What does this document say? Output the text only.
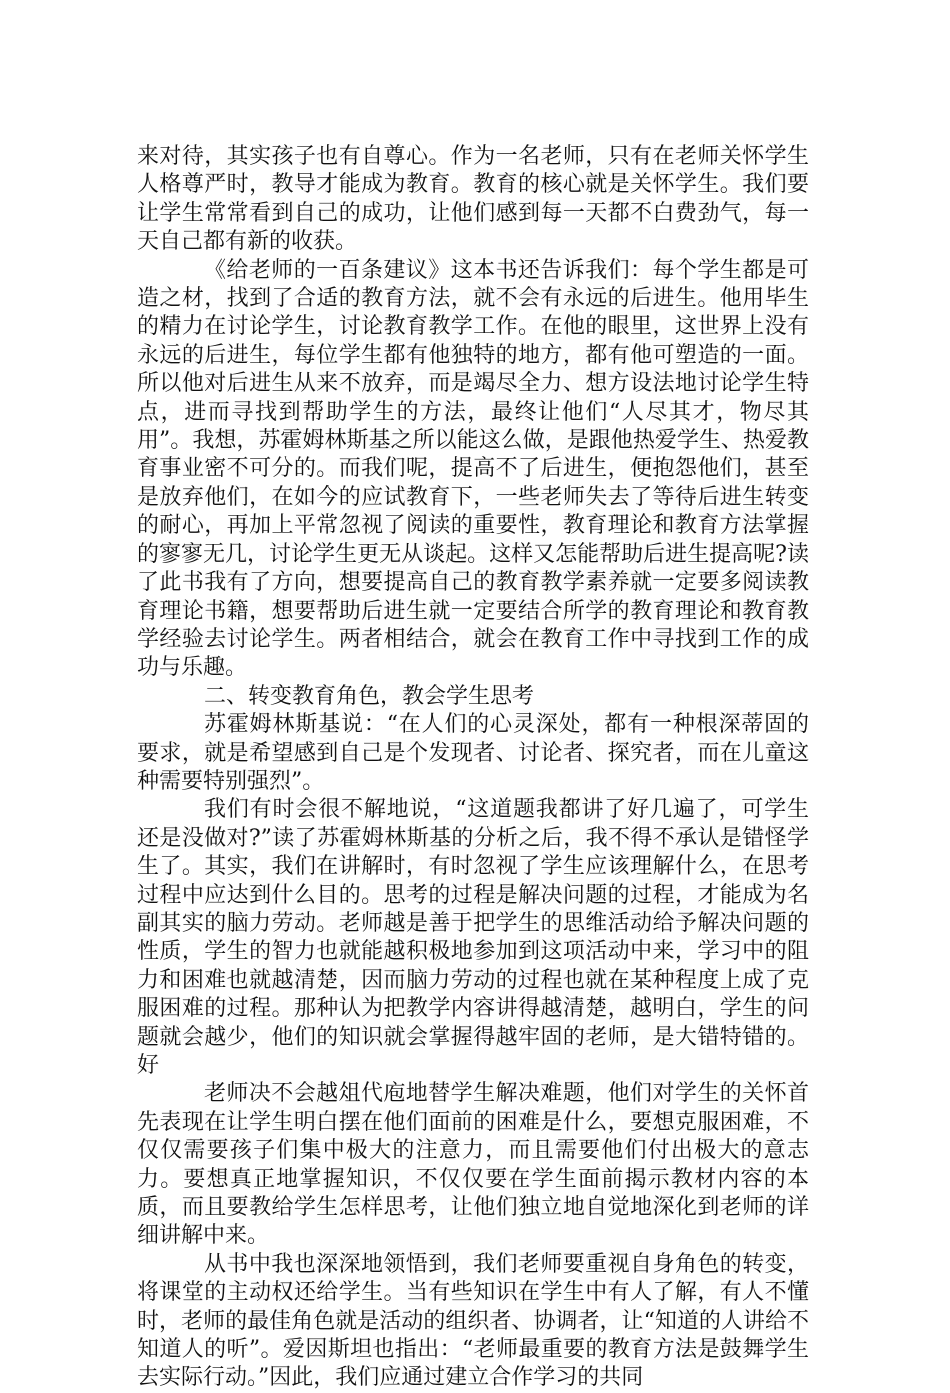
来对待，其实孩子也有自尊心。作为一名老师，只有在老师关怀学生人格尊严时，教导才能成为教育。教育的核心就是关怀学生。我们要让学生常常看到自己的成功，让他们感到每一天都不白费劲气，每一天自己都有新的收获。

《给老师的一百条建议》这本书还告诉我们：每个学生都是可造之材，找到了合适的教育方法，就不会有永远的后进生。他用毕生的精力在讨论学生，讨论教育教学工作。在他的眼里，这世界上没有永远的后进生，每位学生都有他独特的地方，都有他可塑造的一面。所以他对后进生从来不放弃，而是竭尽全力、想方设法地讨论学生特点，进而寻找到帮助学生的方法，最终让他们“人尽其才，物尽其用”。我想，苏霍姆林斯基之所以能这么做，是跟他热爱学生、热爱教育事业密不可分的。而我们呢，提高不了后进生，便抱怨他们，甚至是放弃他们，在如今的应试教育下，一些老师失去了等待后进生转变的耐心，再加上平常忽视了阅读的重要性，教育理论和教育方法掌握的寥寥无几，讨论学生更无从谈起。这样又怎能帮助后进生提高呢?读了此书我有了方向，想要提高自己的教育教学素养就一定要多阅读教育理论书籍，想要帮助后进生就一定要结合所学的教育理论和教育教学经验去讨论学生。两者相结合，就会在教育工作中寻找到工作的成功与乐趣。

二、转变教育角色，教会学生思考

苏霍姆林斯基说：“在人们的心灵深处，都有一种根深蒂固的要求，就是希望感到自己是个发现者、讨论者、探究者，而在儿童这种需要特别强烈”。

我们有时会很不解地说，“这道题我都讲了好几遍了，可学生还是没做对?”读了苏霍姆林斯基的分析之后，我不得不承认是错怪学生了。其实，我们在讲解时，有时忽视了学生应该理解什么，在思考过程中应达到什么目的。思考的过程是解决问题的过程，才能成为名副其实的脑力劳动。老师越是善于把学生的思维活动给予解决问题的性质，学生的智力也就能越积极地参加到这项活动中来，学习中的阻力和困难也就越清楚，因而脑力劳动的过程也就在某种程度上成了克服困难的过程。那种认为把教学内容讲得越清楚，越明白，学生的问题就会越少，他们的知识就会掌握得越牢固的老师，是大错特错的。好

老师决不会越俎代庖地替学生解决难题，他们对学生的关怀首先表现在让学生明白摆在他们面前的困难是什么，要想克服困难，不仅仅需要孩子们集中极大的注意力，而且需要他们付出极大的意志力。要想真正地掌握知识，不仅仅要在学生面前揭示教材内容的本质，而且要教给学生怎样思考，让他们独立地自觉地深化到老师的详细讲解中来。

从书中我也深深地领悟到，我们老师要重视自身角色的转变，将课堂的主动权还给学生。当有些知识在学生中有人了解，有人不懂时，老师的最佳角色就是活动的组织者、协调者，让“知道的人讲给不知道人的听”。爱因斯坦也指出：“老师最重要的教育方法是鼓舞学生去实际行动。”因此，我们应通过建立合作学习的共同
